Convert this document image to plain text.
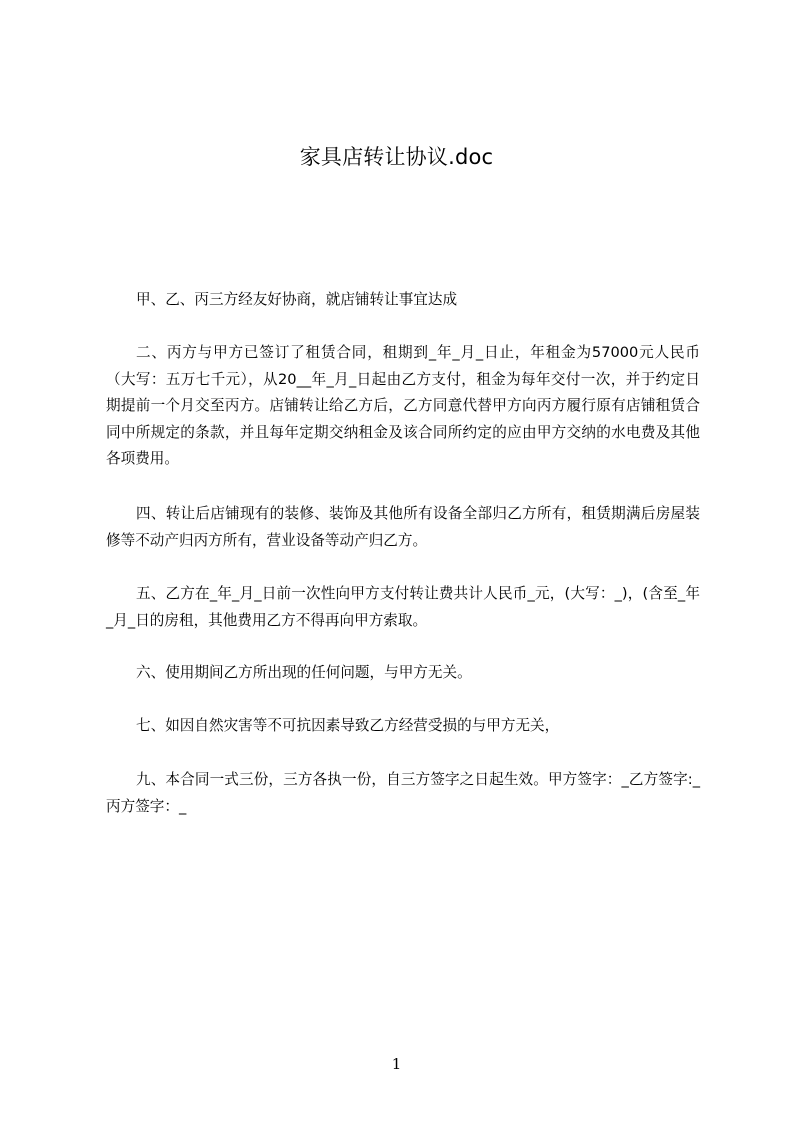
家具店转让协议.doc
甲、乙、丙三方经友好协商，就店铺转让事宜达成
二、丙方与甲方已签订了租赁合同，租期到_年_月_日止，年租金为57000元人民币（大写：五万七千元），从20__年_月_日起由乙方支付，租金为每年交付一次，并于约定日期提前一个月交至丙方。店铺转让给乙方后，乙方同意代替甲方向丙方履行原有店铺租赁合同中所规定的条款，并且每年定期交纳租金及该合同所约定的应由甲方交纳的水电费及其他各项费用。
四、转让后店铺现有的装修、装饰及其他所有设备全部归乙方所有，租赁期满后房屋装修等不动产归丙方所有，营业设备等动产归乙方。
五、乙方在_年_月_日前一次性向甲方支付转让费共计人民币_元，(大写：_)，(含至_年_月_日的房租，其他费用乙方不得再向甲方索取。
六、使用期间乙方所出现的任何问题，与甲方无关。
七、如因自然灾害等不可抗因素导致乙方经营受损的与甲方无关，
九、本合同一式三份，三方各执一份，自三方签字之日起生效。甲方签字：_乙方签字:_丙方签字：_
1
